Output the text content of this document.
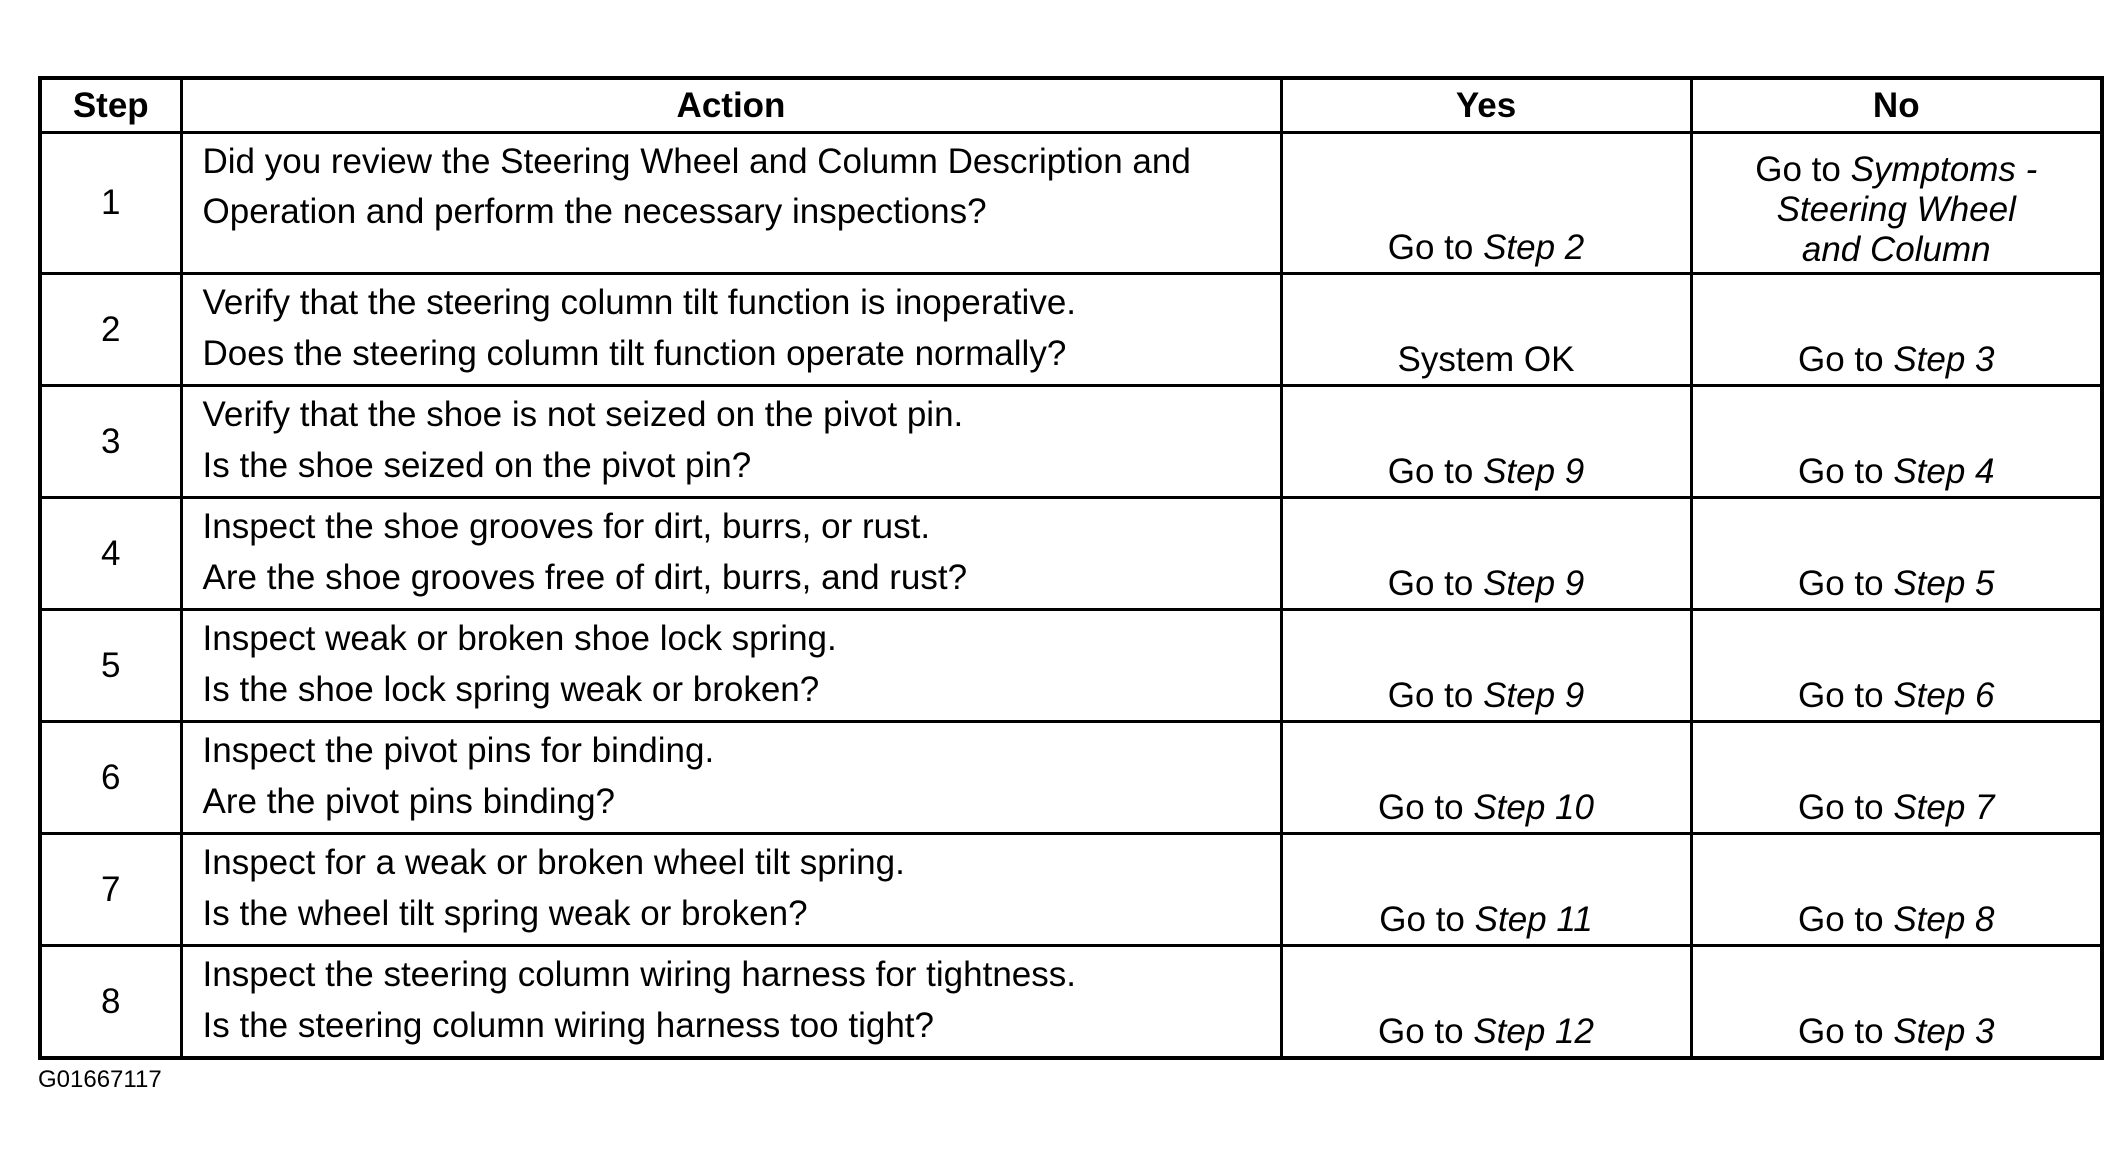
Step	Action	Yes	No
1	Did you review the Steering Wheel and Column Description and
Operation and perform the necessary inspections?	Go to Step 2	Go to Symptoms -
Steering Wheel
and Column

2	Verify that the steering column tilt function is inoperative.
Does the steering column tilt function operate normally?	System OK	Go to Step 3
3	Verify that the shoe is not seized on the pivot pin.
Is the shoe seized on the pivot pin?	Go to Step 9	Go to Step 4
4	Inspect the shoe grooves for dirt, burrs, or rust.
Are the shoe grooves free of dirt, burrs, and rust?	Go to Step 9	Go to Step 5
5	Inspect weak or broken shoe lock spring.
Is the shoe lock spring weak or broken?	Go to Step 9	Go to Step 6
6	Inspect the pivot pins for binding.
Are the pivot pins binding?	Go to Step 10	Go to Step 7
7	Inspect for a weak or broken wheel tilt spring.
Is the wheel tilt spring weak or broken?	Go to Step 11	Go to Step 8
8	Inspect the steering column wiring harness for tightness.
Is the steering column wiring harness too tight?	Go to Step 12	Go to Step 3
G01667117
